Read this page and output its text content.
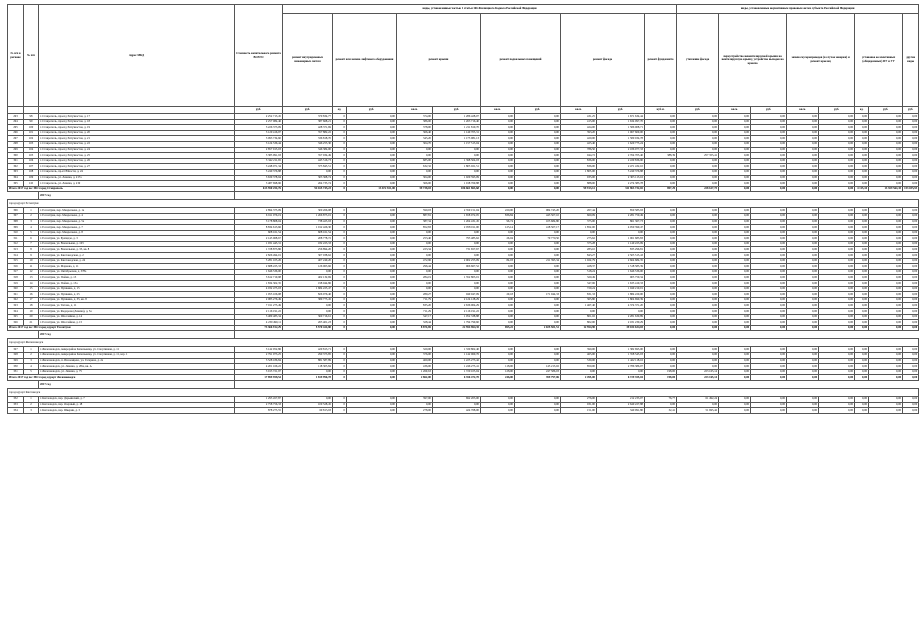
№ п/п в регионе	№ п/п	Адрес МКД	Стоимость капитального ремонта ВСЕГО	виды, установленные частью 1 статьи 166 Жилищного Кодекса Российской Федерации										виды, установленные нормативным правовым актом субъекта Российской Федерации							
				ремонт внутридомовых инженерных систем	ремонт или замена лифтового оборудования		ремонт крыши		ремонт подвальных помещений		ремонт фасада		ремонт фундамента	утепление фасада	переустройство невентилируемой крыши на вентилируемую крышу, устройство выходов на кровлю		замена мусоропроводов (в случае заварки) и ремонт крылец		установка коллективных (общедомовых) ПУ и УУ		другие виды
			руб.	руб.	ед.	руб.	кв.м.	руб.	кв.м.	руб.	кв.м.	руб.	куб.м.	руб.	кв.м.	руб.	кв.м.	руб.	ед.	руб.	руб.
293	98	г. Ставрополь, проезд Энтузиастов, д. 17	2 252 713,45	370 834,77	0	0,00	374,00	1 286 428,07	0,00	0,00	431,25	1 671 634,44	0,00	0,00	0,00	0,00	0,00	0,00	0,00	0,00	0,00
294	99	г. Ставрополь, проезд Энтузиастов, д. 18	2 257 084,46	387 668,21	0	0,00	386,00	1 263 716,40	0,00	0,00	415,00	1 634 097,70	0,00	0,00	0,00	0,00	0,00	0,00	0,00	0,00	0,00
295	100	г. Ставрополь, проезд Энтузиастов, д. 19	3 226 373,09	428 371,69	0	0,00	378,00	1 211 810,70	0,00	0,00	424,00	1 586 908,71	0,00	0,00	0,00	0,00	0,00	0,00	0,00	0,00	0,00
296	101	г. Ставрополь, проезд Энтузиастов, д. 20	3 120 416,97	357 882,22	0	0,00	366,40	1 149 705,31	0,00	0,00	393,20	1 967 609,00	0,00	0,00	0,00	0,00	0,00	0,00	0,00	0,00	0,00
297	102	г. Ставрополь, проезд Энтузиастов, д. 21	3 093 734,60	336 818,70	0	0,00	345,20	1 175 981,13	0,00	0,00	420,00	1 580 934,78	0,00	0,00	0,00	0,00	0,00	0,00	0,00	0,00	0,00
298	103	г. Ставрополь, проезд Энтузиастов, д. 22	3 124 536,44	346 255,30	0	0,00	304,70	1 157 515,04	0,00	0,00	425,40	1 620 775,24	0,00	0,00	0,00	0,00	0,00	0,00	0,00	0,00	0,00
299	104	г. Ставрополь, проезд Энтузиастов, д. 24	2 857 915,03	346 384,00	0	0,00	0,00	0,00	0,00	0,00	786,50	2 186 977,33	0,00	0,00	0,00	0,00	0,00	0,00	0,00	0,00	0,00
300	105	г. Ставрополь, проезд Энтузиастов, д. 25	3 385 991,93	357 934,49	0	0,00	0,00	0,00	0,00	0,00	944,72	2 764 705,40	388,39	257 355,41	0,00	0,00	0,00	0,00	0,00	0,00	0,00
301	106	г. Ставрополь, проезд Энтузиастов, д. 26	3 342 211,65	445 516,73	0	0,00	685,00	1 398 504,03	0,00	0,00	836,00	2 439 836,90	0,00	0,00	0,00	0,00	0,00	0,00	0,00	0,00	0,00
302	107	г. Ставрополь, проезд Энтузиастов, д. 27	3 248 071,34	375 845,51	0	0,00	632,32	1 805 021,51	0,00	0,00	836,00	2 471 432,10	0,00	0,00	0,00	0,00	0,00	0,00	0,00	0,00	0,00
303	108	г. Ставрополь, пр-кт Юности, д. 24	5 240 376,88	0,00	0	0,00	0,00	0,00	0,00	0,00	1 805,00	5 240 376,88	0,00	0,00	0,00	0,00	0,00	0,00	0,00	0,00	0,00
304	109	г. Ставрополь, ул. Ленина, д. 217а	3 639 378,94	303 368,74	0	0,00	304,00	1 029 593,09	0,00	0,00	935,00	2 305 113,16	0,00	0,00	0,00	0,00	0,00	0,00	0,00	0,00	0,00
305	110	г. Ставрополь, ул. Ленина, д. 219	3 487 698,96	264 735,74	0	0,00	366,00	1 018 769,88	0,00	0,00	888,00	2 274 383,78	0,00	0,00	0,00	0,00	0,00	0,00	0,00	0,00	0,00
Итого 2017 год по: МО город Ставрополь			613 590 254,76	94 165 745,23	0	13 672 921,00	59 738,03	186 661 863,68	0,00	0,00	99 913,12	311 963 732,02	897,29	228 617,75	0,00	0,00	0,00	0,00	4 115,10	13 929 564,35	153 035,93
		2017 год																			
город курорт Ессентуки																					
306	1	г. Ессентуки, пер. Менделеева, д. 1а	2 894 375,09	300 266,08	0	0,00	590,03	2 359 151,04	220,00	984 745,20	267,44	850 585,93	0,00	0,00	0,00	0,00	0,00	0,00	0,00	0,00	0,00
307	2	г. Ессентуки, пер. Менделеева, д. 4	6 911 076,19	1 266 875,01	0	0,00	887,81	1 658 972,05	836,84	443 507,10	660,09	2 281 750,49	0,00	0,00	0,00	0,00	0,00	0,00	0,00	0,00	0,00
308	3	г. Ессентуки, пер. Менделеева, д. 5а	3 178 808,04	738 425,93	0	0,00	387,34	1 264 431,45	96,74	105 684,80	375,00	861 367,73	0,00	0,00	0,00	0,00	0,00	0,00	0,00	0,00	0,00
309	4	г. Ессентуки, пер. Менделеева, д. 7	8 834 613,66	1 012 426,30	0	0,00	852,83	2 058 011,00	125,14	418 507,17	1 852,00	4 050 399,47	0,00	0,00	0,00	0,00	0,00	0,00	0,00	0,00	0,00
310	5	г. Ессентуки, пер. Менделеева, д. 8	608 161,54	608 161,54	0	0,00	0,00	0,00	0,00	0,00	0,00	0,00	0,00	0,00	0,00	0,00	0,00	0,00	0,00	0,00	0,00
311	6	г. Ессентуки, ул. Буачидзе, д. 3	2 145 968,67	208 778,72	0	0,00	253,40	795 485,62	26,04	79 770,50	275,62	1 061 683,83	0,00	0,00	0,00	0,00	0,00	0,00	0,00	0,00	0,00
312	7	г. Ессентуки, ул. Вокзальная, д. 103	1 931 445,31	182 223,33	0	0,00	0,00	0,00	0,00	0,00	375,28	1 149 223,99	0,00	0,00	0,00	0,00	0,00	0,00	0,00	0,00	0,00
313	8	г. Ессентуки, ул. Вокзальная, д. 35, кв. 8	1 728 873,86	256 894,20	0	0,00	223,34	731 657,67	0,00	0,00	283,10	835 296,81	0,00	0,00	0,00	0,00	0,00	0,00	0,00	0,00	0,00
314	9	г. Ессентуки, ул. Кисловодская, д. 2	2 826 494,01	307 038,62	0	0,00	0,00	0,00	0,00	0,00	843,27	2 505 515,43	0,00	0,00	0,00	0,00	0,00	0,00	0,00	0,00	0,00
315	10	г. Ессентуки, ул. Кисловодская, д. 24	5 281 105,26	407 249,20	0	0,00	472,96	2 902 255,09	84,03	211 395,34	1 022,79	2 664 684,35	0,00	0,00	0,00	0,00	0,00	0,00	0,00	0,00	0,00
316	11	г. Ессентуки, ул. Маркова, д. 11	2 688 225,33	126 063,66	0	0,00	296,44	966 667,52	0,00	0,00	428,37	1 518 585,39	0,00	0,00	0,00	0,00	0,00	0,00	0,00	0,00	0,00
317	12	г. Ессентуки, ул. Октябрьская, д. 378а	1 646 536,00	0,00	0	0,00	0,00	0,00	0,00	0,00	518,24	1 646 536,00	0,00	0,00	0,00	0,00	0,00	0,00	0,00	0,00	0,00
318	13	г. Ессентуки, ул. Пойма, д. 13	3 612 710,98	402 132,69	0	0,00	284,19	1 352 803,01	0,00	0,00	320,49	905 750,34	0,00	0,00	0,00	0,00	0,00	0,00	0,00	0,00	0,00
319	14	г. Ессентуки, ул. Пойма, д. 15а	1 834 302,35	198 944,86	0	0,00	0,00	0,00	0,00	0,00	347,06	1 635 410,33	0,00	0,00	0,00	0,00	0,00	0,00	0,00	0,00	0,00
320	15	г. Ессентуки, ул. Пушкина, д. 15	4 032 475,03	1 684 225,47	0	0,00	0,00	0,00	0,00	0,00	729,24	1 949 210,01	0,00	0,00	0,00	0,00	0,00	0,00	0,00	0,00	0,00
321	16	г. Ессентуки, ул. Пушкина, д. 25	1 955 106,08	826 976,40	0	0,00	289,27	949 947,09	29,18	171 944,33	831,33	1 884 220,00	0,00	0,00	0,00	0,00	0,00	0,00	0,00	0,00	0,00
322	17	г. Ессентуки, ул. Пушкина, д. 35, кв. 8	2 085 276,49	380 775,45	0	0,00	711,79	2 124 128,29	0,00	0,00	365,80	1 804 690,39	0,00	0,00	0,00	0,00	0,00	0,00	0,00	0,00	0,00
323	18	г. Ессентуки, ул. Титова, д. 11	7 011 275,49	0,00	0	0,00	835,20	2 636 904,29	0,00	0,00	1 467,40	4 374 371,20	0,00	0,00	0,00	0,00	0,00	0,00	0,00	0,00	0,00
324	19	г. Ессентуки, ул. Федорова (Ленина), д. 5а	2 116 191,22	0,00	0	0,00	711,29	2 116 191,22	0,00	0,00	0,00	0,00	0,00	0,00	0,00	0,00	0,00	0,00	0,00	0,00	0,00
325	20	г. Ессентуки, ул. Шоссейная, д. 14	3 489 483,34	360 716,61	0	0,00	347,17	1 052 338,88	0,00	0,00	801,02	2 281 630,89	0,00	0,00	0,00	0,00	0,00	0,00	0,00	0,00	0,00
326	21	г. Ессентуки, ул. Шоссейная, д. 15	4 239 490,11	265 401,23	0	0,00	328,44	1 794 799,60	0,00	0,00	802,00	2 181 230,29	0,00	0,00	0,00	0,00	0,00	0,00	0,00	0,00	0,00
Итого 2017 год по: МО город курорт Ессентуки			73 366 912,29	5 570 424,80	0	0,00	8 874,69	22 594 964,35	695,22	2 025 501,51	12 594,90	39 184 634,03	0,00	0,00	0,00	0,00	0,00	0,00	0,00	0,00	0,00
		2017 год																			
город курорт Железноводск																					
327	1	г. Железноводск, микрорайон Капельница, ул. Спортивная, д. 11	3 142 952,86	429 813,71	0	0,00	320,00	1 330 802,40	0,00	0,00	390,00	1 382 695,00	0,00	0,00	0,00	0,00	0,00	0,00	0,00	0,00	0,00
328	2	г. Железноводск, микрорайон Капельница, ул. Спортивная, д. 11, кор. 1	2 791 973,25	290 373,85	0	0,00	376,00	1 142 969,76	0,00	0,00	465,00	1 358 545,03	0,00	0,00	0,00	0,00	0,00	0,00	0,00	0,00	0,00
329	3	г. Железноводск, п. Иноземцево, ул. Гагарина, д. 2а	3 528 186,84	881 587,89	0	0,00	460,00	1 225 273,42	0,00	0,00	530,00	1 422 118,16	0,00	0,00	0,00	0,00	0,00	0,00	0,00	0,00	0,00
330	4	г. Железноводск, ул. Ленина, д. 28А, кв. А	4 201 166,22	118 305,84	0	0,00	436,00	1 246 275,41	118,00	145 213,02	850,00	2 786 386,07	0,00	0,00	0,00	0,00	0,00	0,00	0,00	0,00	0,00
331	5	г. Железноводск, ул. Ленина, д. 75	3 915 721,97	0,00	0	0,00	1 269,63	1 720 105,04	128,00	247 586,03	0,00	0,00	198,00	223 165,14	0,00	0,00	0,00	0,00	0,00	0,00	0,00
Итого 2017 год по: МО город курорт Железноводск			17 899 958,54	1 819 996,78	0	0,00	2 862,00	6 356 472,70	246,00	399 797,06	2 495,00	6 729 355,04	198,00	223 165,14	0,00	0,00	0,00	0,00	0,00	0,00	0,00
		2017 год																			
город курорт Кисловодск																					
332	1	г. Кисловодск, пер. Дарьинский, д. 7	1 295 457,87	0,00	0	0,00	397,00	692 203,00	0,00	0,00	276,00	212 233,07	76,77	61 492,24	0,00	0,00	0,00	0,00	0,00	0,00	0,00
333	2	г. Кисловодск, пер. Озерный, д. 18	2 758 756,33	109 528,45	0	0,00	0,00	0,00	0,00	0,00	931,00	2 649 227,88	0,00	0,00	0,00	0,00	0,00	0,00	0,00	0,00	0,00
334	3	г. Кисловодск, пер. Шкерин, д. 3	878 275,55	69 815,93	0	0,00	278,00	424 768,00	0,00	0,00	151,00	340 991,80	32,41	51 695,42	0,00	0,00	0,00	0,00	0,00	0,00	0,00
